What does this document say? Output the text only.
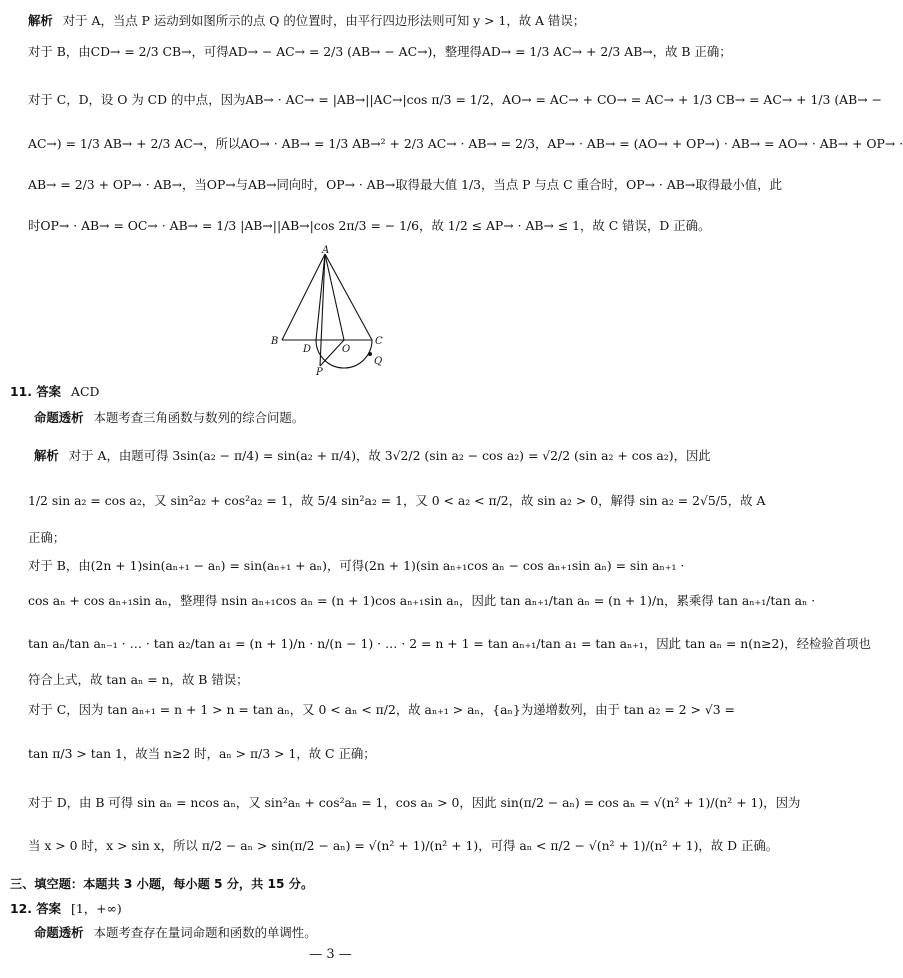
解析 对于 A，当点 P 运动到如图所示的点 Q 的位置时，由平行四边形法则可知 y > 1，故 A 错误；
对于 B，由CD→ = 2/3 CB→，可得AD→ − AC→ = 2/3 (AB→ − AC→)，整理得AD→ = 1/3 AC→ + 2/3 AB→，故 B 正确；
对于 C，D，设 O 为 CD 的中点，因为AB→ · AC→ = |AB→||AC→|cos π/3 = 1/2，AO→ = AC→ + CO→ = AC→ + 1/3 CB→ = AC→ + 1/3 (AB→ −
AC→) = 1/3 AB→ + 2/3 AC→，所以AO→ · AB→ = 1/3 AB→² + 2/3 AC→ · AB→ = 2/3，AP→ · AB→ = (AO→ + OP→) · AB→ = AO→ · AB→ + OP→ ·
AB→ = 2/3 + OP→ · AB→，当OP→与AB→同向时，OP→ · AB→取得最大值 1/3，当点 P 与点 C 重合时，OP→ · AB→取得最小值，此
时OP→ · AB→ = OC→ · AB→ = 1/3 |AB→||AB→|cos 2π/3 = − 1/6，故 1/2 ≤ AP→ · AB→ ≤ 1，故 C 错误，D 正确。
A
B
D	O
C
P
Q
11. 答案 ACD
命题透析 本题考查三角函数与数列的综合问题。
解析 对于 A，由题可得 3sin(a₂ − π/4) = sin(a₂ + π/4)，故 3√2/2 (sin a₂ − cos a₂) = √2/2 (sin a₂ + cos a₂)，因此
1/2 sin a₂ = cos a₂，又 sin²a₂ + cos²a₂ = 1，故 5/4 sin²a₂ = 1，又 0 < a₂ < π/2，故 sin a₂ > 0，解得 sin a₂ = 2√5/5，故 A
正确；
对于 B，由(2n + 1)sin(aₙ₊₁ − aₙ) = sin(aₙ₊₁ + aₙ)，可得(2n + 1)(sin aₙ₊₁cos aₙ − cos aₙ₊₁sin aₙ) = sin aₙ₊₁ ·
cos aₙ + cos aₙ₊₁sin aₙ，整理得 nsin aₙ₊₁cos aₙ = (n + 1)cos aₙ₊₁sin aₙ，因此 tan aₙ₊₁/tan aₙ = (n + 1)/n，累乘得 tan aₙ₊₁/tan aₙ ·
tan aₙ/tan aₙ₋₁ · … · tan a₂/tan a₁ = (n + 1)/n · n/(n − 1) · … · 2 = n + 1 = tan aₙ₊₁/tan a₁ = tan aₙ₊₁，因此 tan aₙ = n(n≥2)，经检验首项也
符合上式，故 tan aₙ = n，故 B 错误；
对于 C，因为 tan aₙ₊₁ = n + 1 > n = tan aₙ，又 0 < aₙ < π/2，故 aₙ₊₁ > aₙ，{aₙ}为递增数列，由于 tan a₂ = 2 > √3 =
tan π/3 > tan 1，故当 n≥2 时，aₙ > π/3 > 1，故 C 正确；
对于 D，由 B 可得 sin aₙ = ncos aₙ，又 sin²aₙ + cos²aₙ = 1，cos aₙ > 0，因此 sin(π/2 − aₙ) = cos aₙ = √(n² + 1)/(n² + 1)，因为
当 x > 0 时，x > sin x，所以 π/2 − aₙ > sin(π/2 − aₙ) = √(n² + 1)/(n² + 1)，可得 aₙ < π/2 − √(n² + 1)/(n² + 1)，故 D 正确。
三、填空题：本题共 3 小题，每小题 5 分，共 15 分。
12. 答案 [1，+∞)
命题透析 本题考查存在量词命题和函数的单调性。
— 3 —
